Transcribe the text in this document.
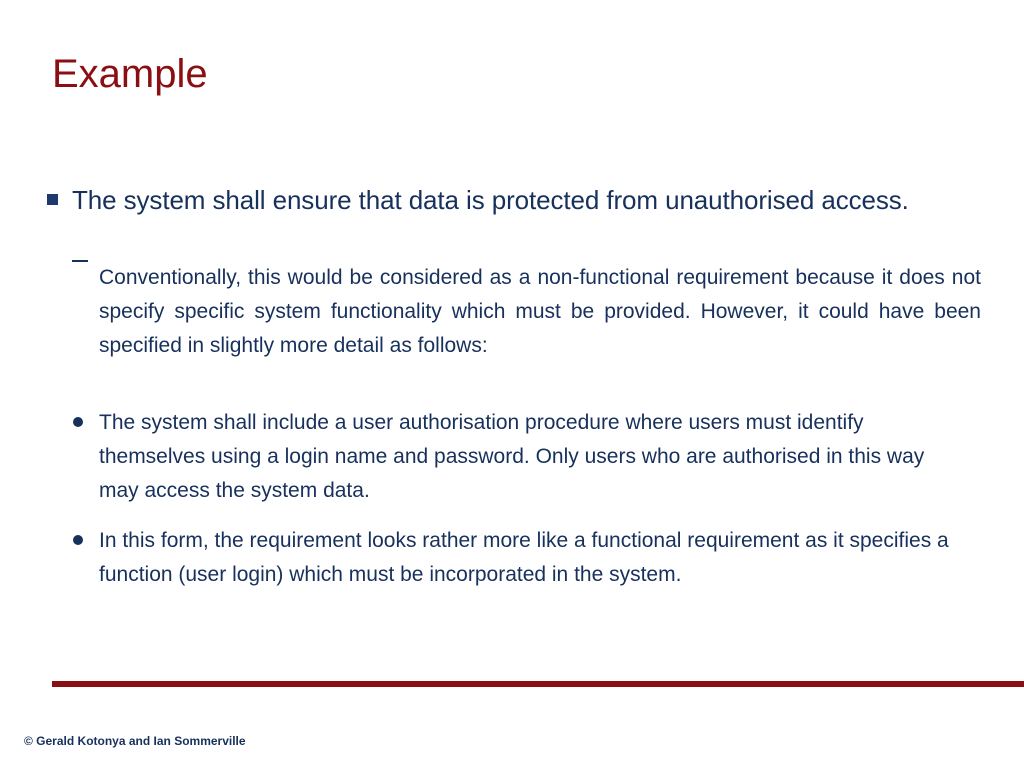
Example
The system shall ensure that data is protected from unauthorised access.
Conventionally, this would be considered as a non-functional requirement because it does not specify specific system functionality which must be provided. However, it could have been specified in slightly more detail as follows:
The system shall include a user authorisation procedure where users must identify themselves using a login name and password. Only users who are authorised in this way may access the system data.
In this form, the requirement looks rather more like a functional requirement as it specifies a function (user login) which must be incorporated in the system.
© Gerald Kotonya and Ian Sommerville
